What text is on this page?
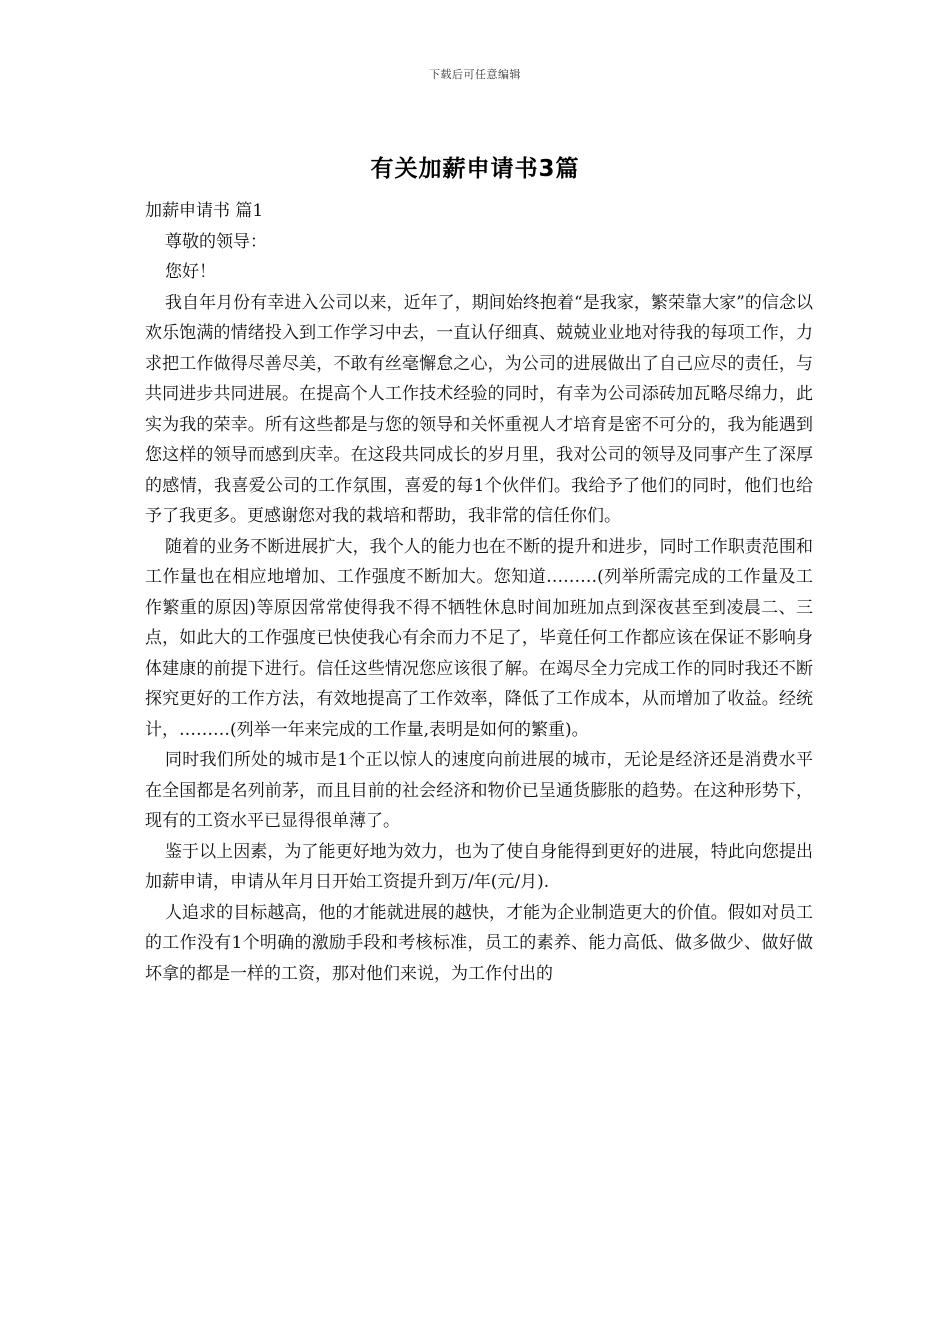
下载后可任意编辑
有关加薪申请书3篇

加薪申请书 篇1

尊敬的领导：

您好！

我自年月份有幸进入公司以来，近年了，期间始终抱着“是我家，繁荣靠大家”的信念以欢乐饱满的情绪投入到工作学习中去，一直认仔细真、兢兢业业地对待我的每项工作，力求把工作做得尽善尽美，不敢有丝毫懈怠之心，为公司的进展做出了自己应尽的责任，与共同进步共同进展。在提高个人工作技术经验的同时，有幸为公司添砖加瓦略尽绵力，此实为我的荣幸。所有这些都是与您的领导和关怀重视人才培育是密不可分的，我为能遇到您这样的领导而感到庆幸。在这段共同成长的岁月里，我对公司的领导及同事产生了深厚的感情，我喜爱公司的工作氛围，喜爱的每1个伙伴们。我给予了他们的同时，他们也给予了我更多。更感谢您对我的栽培和帮助，我非常的信任你们。

随着的业务不断进展扩大，我个人的能力也在不断的提升和进步，同时工作职责范围和工作量也在相应地增加、工作强度不断加大。您知道………(列举所需完成的工作量及工作繁重的原因)等原因常常使得我不得不牺牲休息时间加班加点到深夜甚至到凌晨二、三点，如此大的工作强度已快使我心有余而力不足了，毕竟任何工作都应该在保证不影响身体建康的前提下进行。信任这些情况您应该很了解。在竭尽全力完成工作的同时我还不断探究更好的工作方法，有效地提高了工作效率，降低了工作成本，从而增加了收益。经统计，………(列举一年来完成的工作量,表明是如何的繁重)。

同时我们所处的城市是1个正以惊人的速度向前进展的城市，无论是经济还是消费水平在全国都是名列前茅，而且目前的社会经济和物价已呈通货膨胀的趋势。在这种形势下，现有的工资水平已显得很单薄了。

鉴于以上因素，为了能更好地为效力，也为了使自身能得到更好的进展，特此向您提出加薪申请，申请从年月日开始工资提升到万/年(元/月).

人追求的目标越高，他的才能就进展的越快，才能为企业制造更大的价值。假如对员工的工作没有1个明确的激励手段和考核标准，员工的素养、能力高低、做多做少、做好做坏拿的都是一样的工资，那对他们来说，为工作付出的
